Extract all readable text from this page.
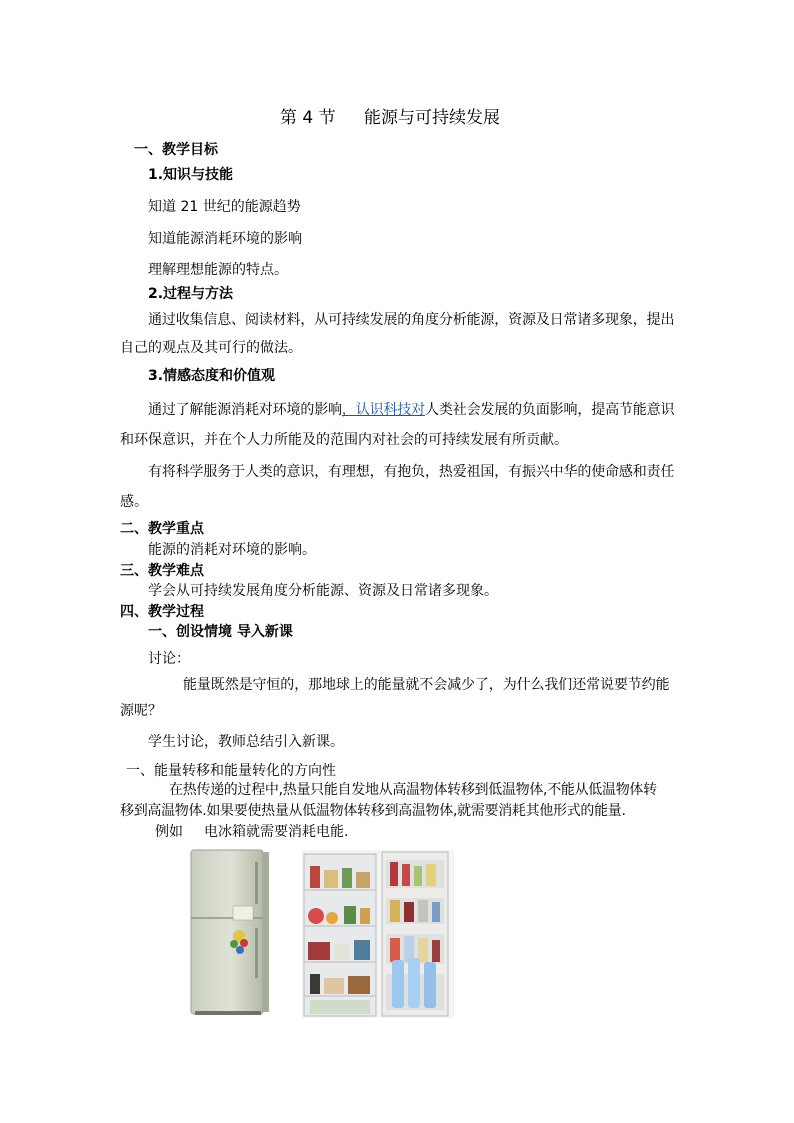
第 4 节 能源与可持续发展
一、教学目标
1.知识与技能
知道 21 世纪的能源趋势
知道能源消耗环境的影响
理解理想能源的特点。
2.过程与方法
通过收集信息、阅读材料，从可持续发展的角度分析能源，资源及日常诸多现象，提出
自己的观点及其可行的做法。
3.情感态度和价值观
通过了解能源消耗对环境的影响，认识科技对人类社会发展的负面影响，提高节能意识
和环保意识，并在个人力所能及的范围内对社会的可持续发展有所贡献。
有将科学服务于人类的意识，有理想，有抱负，热爱祖国，有振兴中华的使命感和责任
感。
二、教学重点
能源的消耗对环境的影响。
三、教学难点
学会从可持续发展角度分析能源、资源及日常诸多现象。
四、教学过程
一、创设情境 导入新课
讨论：
能量既然是守恒的，那地球上的能量就不会减少了，为什么我们还常说要节约能
源呢？
学生讨论，教师总结引入新课。
一、能量转移和能量转化的方向性
在热传递的过程中,热量只能自发地从高温物体转移到低温物体,不能从低温物体转
移到高温物体.如果要使热量从低温物体转移到高温物体,就需要消耗其他形式的能量.
例如 电冰箱就需要消耗电能.
